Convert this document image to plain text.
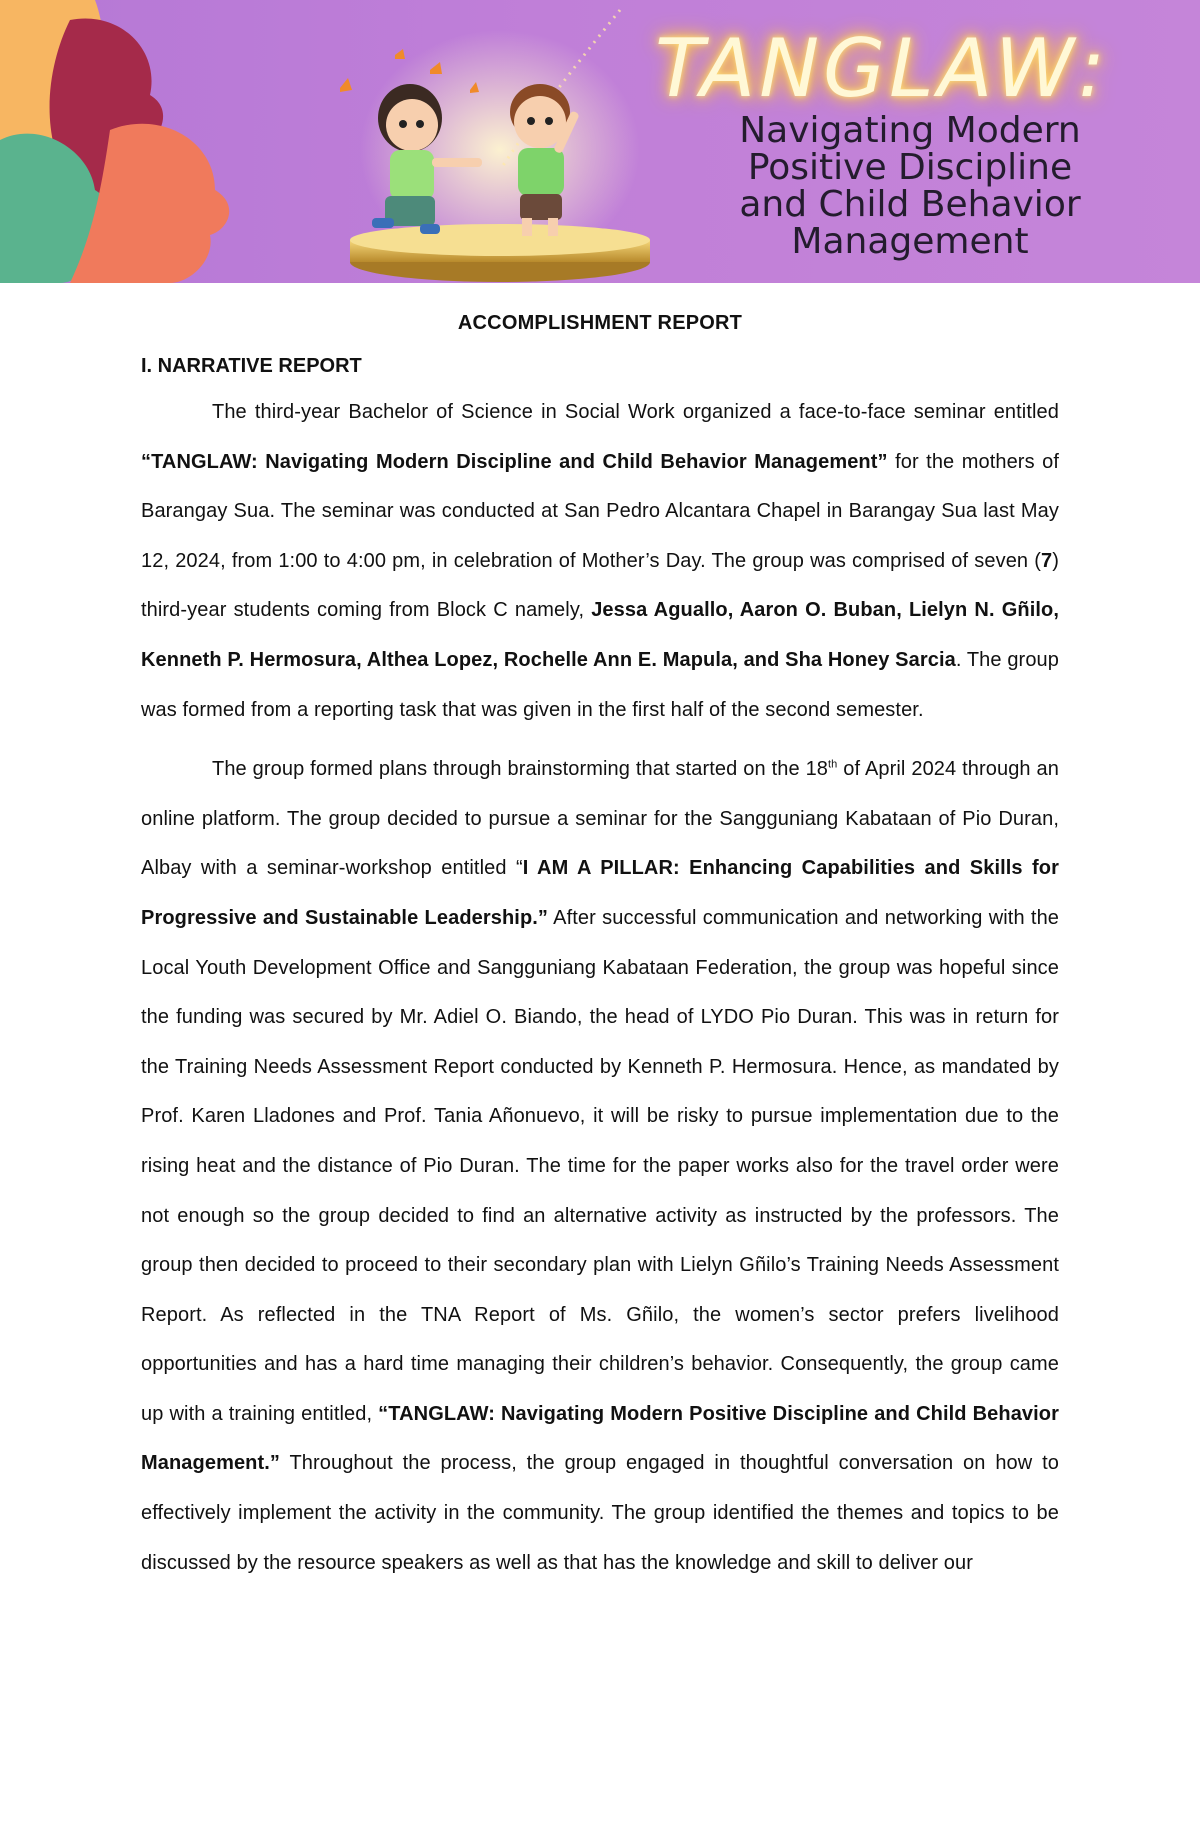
TANGLAW:
Navigating Modern
Positive Discipline
and Child Behavior
Management
ACCOMPLISHMENT REPORT
I. NARRATIVE REPORT

The third-year Bachelor of Science in Social Work organized a face-to-face seminar entitled “TANGLAW: Navigating Modern Discipline and Child Behavior Management” for the mothers of Barangay Sua. The seminar was conducted at San Pedro Alcantara Chapel in Barangay Sua last May 12, 2024, from 1:00 to 4:00 pm, in celebration of Mother’s Day. The group was comprised of seven (7) third-year students coming from Block C namely, Jessa Aguallo, Aaron O. Buban, Lielyn N. Gñilo, Kenneth P. Hermosura, Althea Lopez, Rochelle Ann E. Mapula, and Sha Honey Sarcia. The group was formed from a reporting task that was given in the first half of the second semester.

The group formed plans through brainstorming that started on the 18th of April 2024 through an online platform. The group decided to pursue a seminar for the Sangguniang Kabataan of Pio Duran, Albay with a seminar-workshop entitled “I AM A PILLAR: Enhancing Capabilities and Skills for Progressive and Sustainable Leadership.” After successful communication and networking with the Local Youth Development Office and Sangguniang Kabataan Federation, the group was hopeful since the funding was secured by Mr. Adiel O. Biando, the head of LYDO Pio Duran. This was in return for the Training Needs Assessment Report conducted by Kenneth P. Hermosura. Hence, as mandated by Prof. Karen Lladones and Prof. Tania Añonuevo, it will be risky to pursue implementation due to the rising heat and the distance of Pio Duran. The time for the paper works also for the travel order were not enough so the group decided to find an alternative activity as instructed by the professors. The group then decided to proceed to their secondary plan with Lielyn Gñilo’s Training Needs Assessment Report. As reflected in the TNA Report of Ms. Gñilo, the women’s sector prefers livelihood opportunities and has a hard time managing their children’s behavior. Consequently, the group came up with a training entitled, “TANGLAW: Navigating Modern Positive Discipline and Child Behavior Management.” Throughout the process, the group engaged in thoughtful conversation on how to effectively implement the activity in the community. The group identified the themes and topics to be discussed by the resource speakers as well as that has the knowledge and skill to deliver our
